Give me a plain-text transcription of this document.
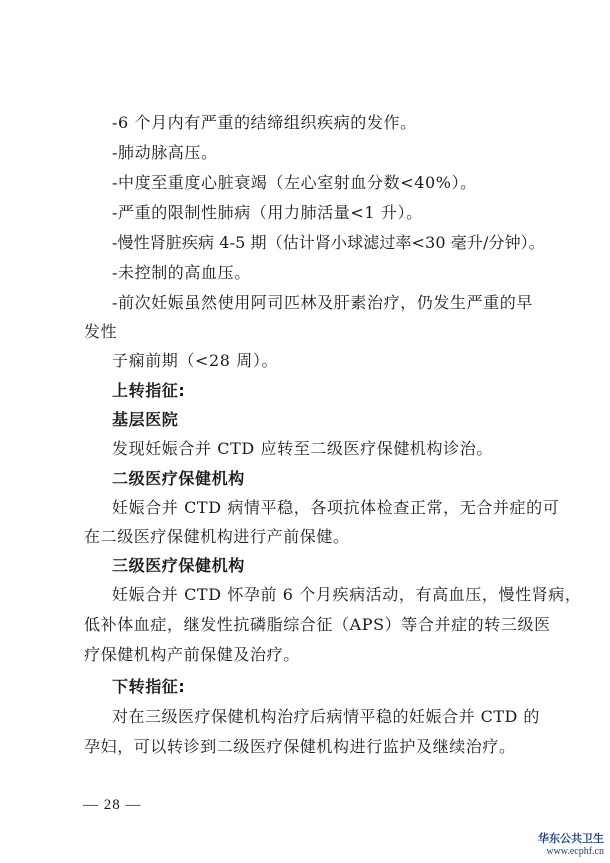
-6 个月内有严重的结缔组织疾病的发作。
-肺动脉高压。
-中度至重度心脏衰竭（左心室射血分数<40%）。
-严重的限制性肺病（用力肺活量<1 升）。
-慢性肾脏疾病 4-5 期（估计肾小球滤过率<30 毫升/分钟）。
-未控制的高血压。
-前次妊娠虽然使用阿司匹林及肝素治疗，仍发生严重的早
发性
子痫前期（<28 周）。
上转指征:
基层医院
发现妊娠合并 CTD 应转至二级医疗保健机构诊治。
二级医疗保健机构
妊娠合并 CTD 病情平稳，各项抗体检查正常，无合并症的可
在二级医疗保健机构进行产前保健。
三级医疗保健机构
妊娠合并 CTD 怀孕前 6 个月疾病活动，有高血压，慢性肾病，
低补体血症，继发性抗磷脂综合征（APS）等合并症的转三级医
疗保健机构产前保健及治疗。
下转指征:
对在三级医疗保健机构治疗后病情平稳的妊娠合并 CTD 的
孕妇，可以转诊到二级医疗保健机构进行监护及继续治疗。
— 28 —
华东公共卫生
www.ecphf.cn
